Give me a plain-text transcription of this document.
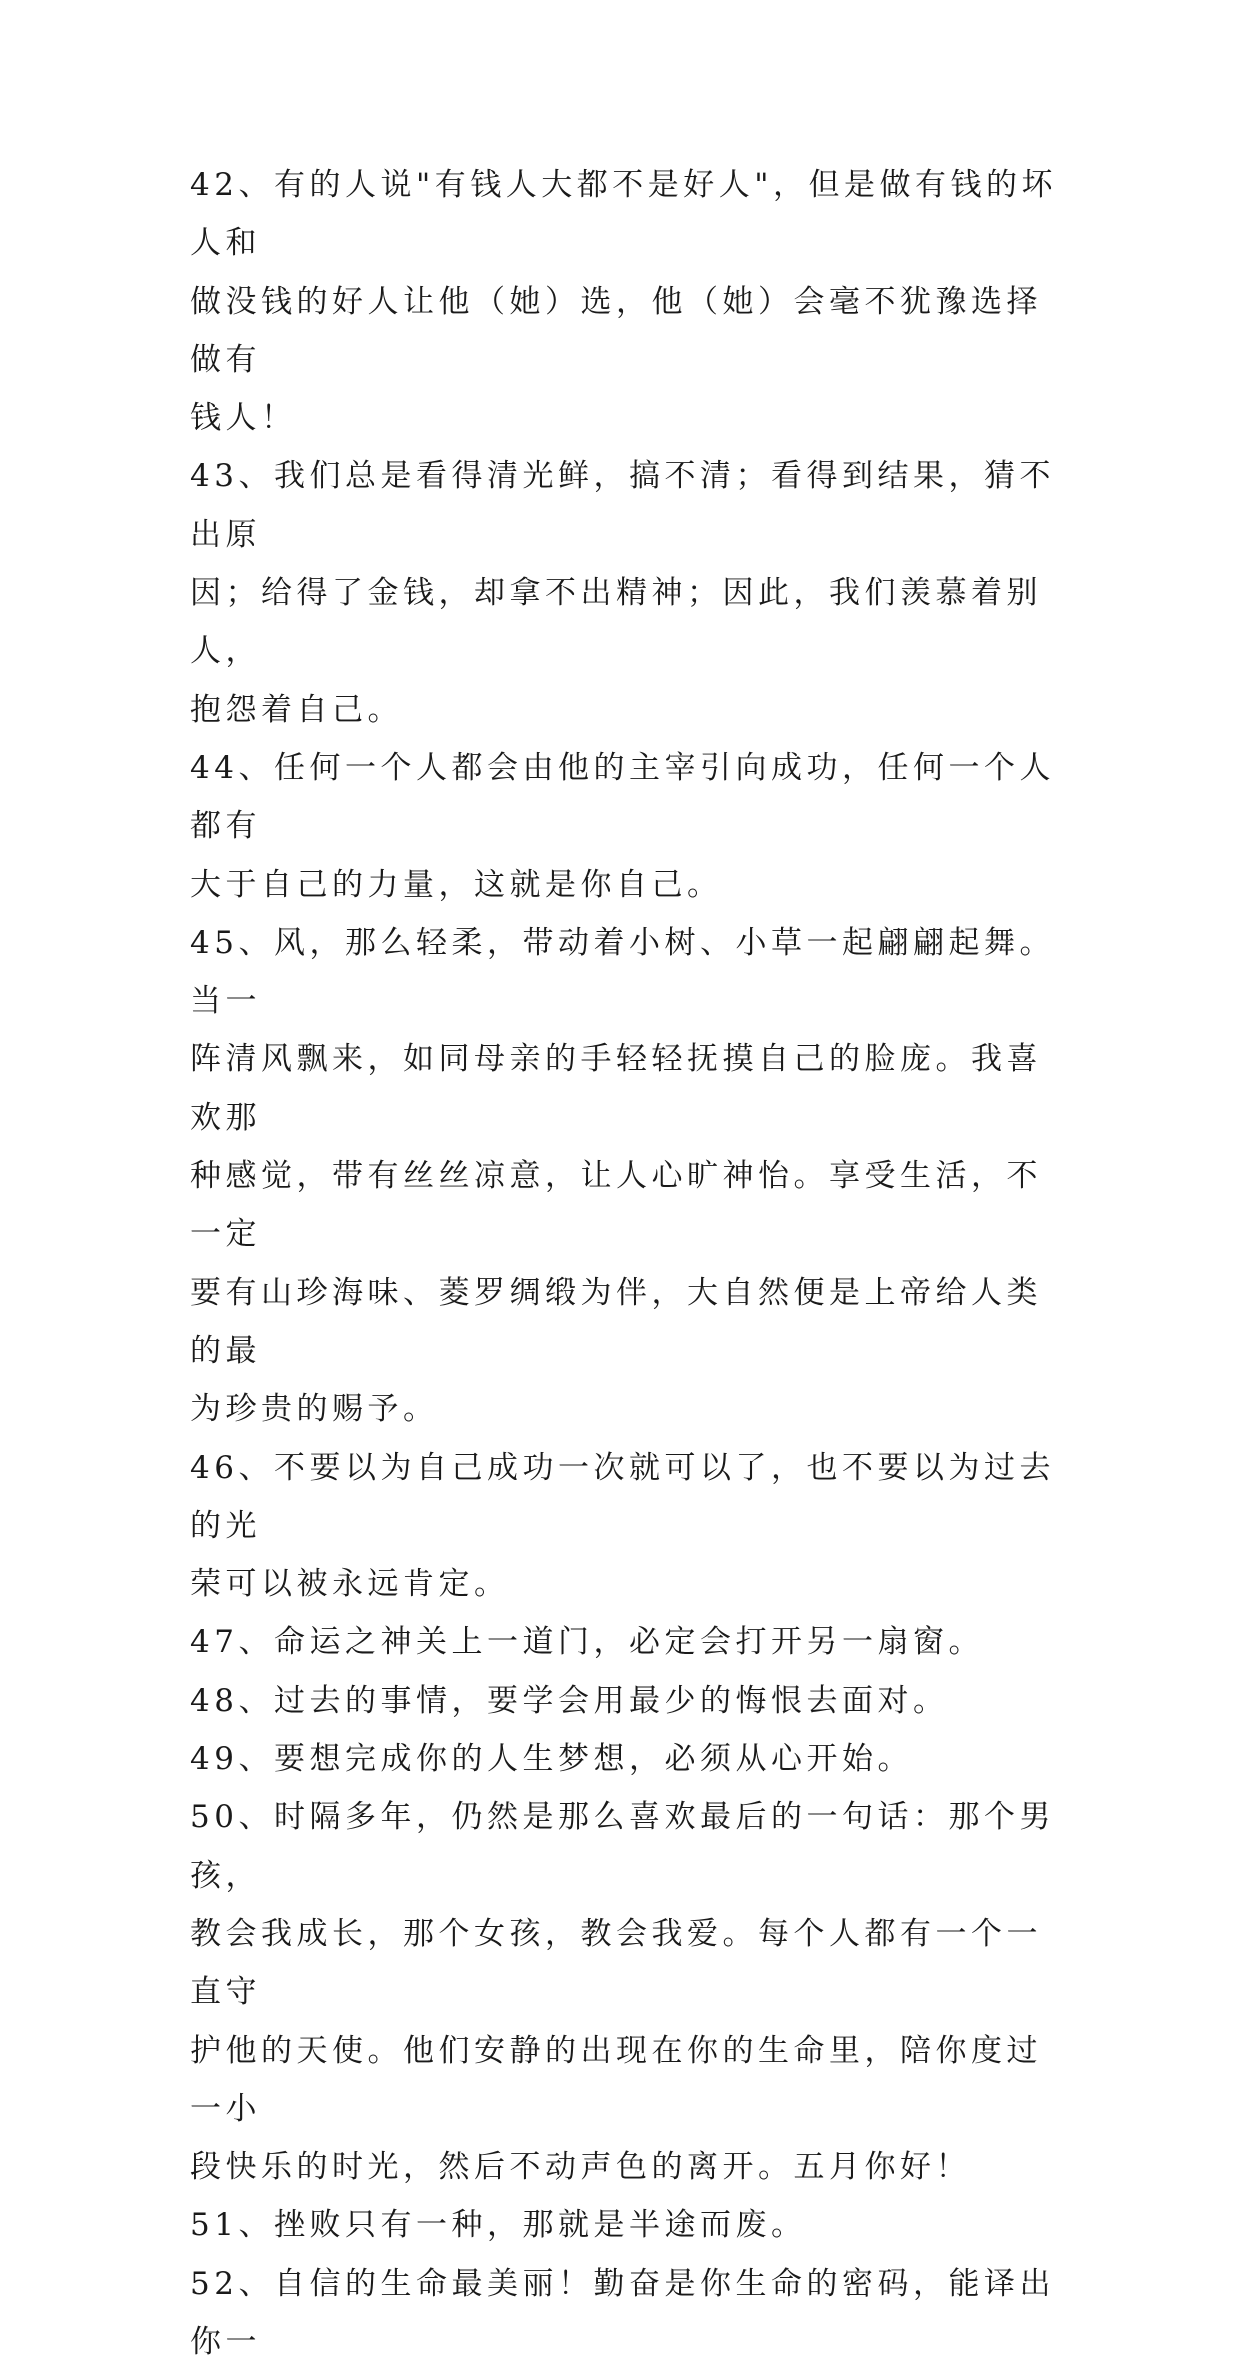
42、有的人说"有钱人大都不是好人"，但是做有钱的坏人和
做没钱的好人让他（她）选，他（她）会毫不犹豫选择做有
钱人！

43、我们总是看得清光鲜，搞不清；看得到结果，猜不出原
因；给得了金钱，却拿不出精神；因此，我们羡慕着别人，
抱怨着自己。

44、任何一个人都会由他的主宰引向成功，任何一个人都有
大于自己的力量，这就是你自己。

45、风，那么轻柔，带动着小树、小草一起翩翩起舞。当一
阵清风飘来，如同母亲的手轻轻抚摸自己的脸庞。我喜欢那
种感觉，带有丝丝凉意，让人心旷神怡。享受生活，不一定
要有山珍海味、菱罗绸缎为伴，大自然便是上帝给人类的最
为珍贵的赐予。

46、不要以为自己成功一次就可以了，也不要以为过去的光
荣可以被永远肯定。

47、命运之神关上一道门，必定会打开另一扇窗。

48、过去的事情，要学会用最少的悔恨去面对。

49、要想完成你的人生梦想，必须从心开始。

50、时隔多年，仍然是那么喜欢最后的一句话：那个男孩，
教会我成长，那个女孩，教会我爱。每个人都有一个一直守
护他的天使。他们安静的出现在你的生命里，陪你度过一小
段快乐的时光，然后不动声色的离开。五月你好！

51、挫败只有一种，那就是半途而废。

52、自信的生命最美丽！勤奋是你生命的密码，能译出你一
